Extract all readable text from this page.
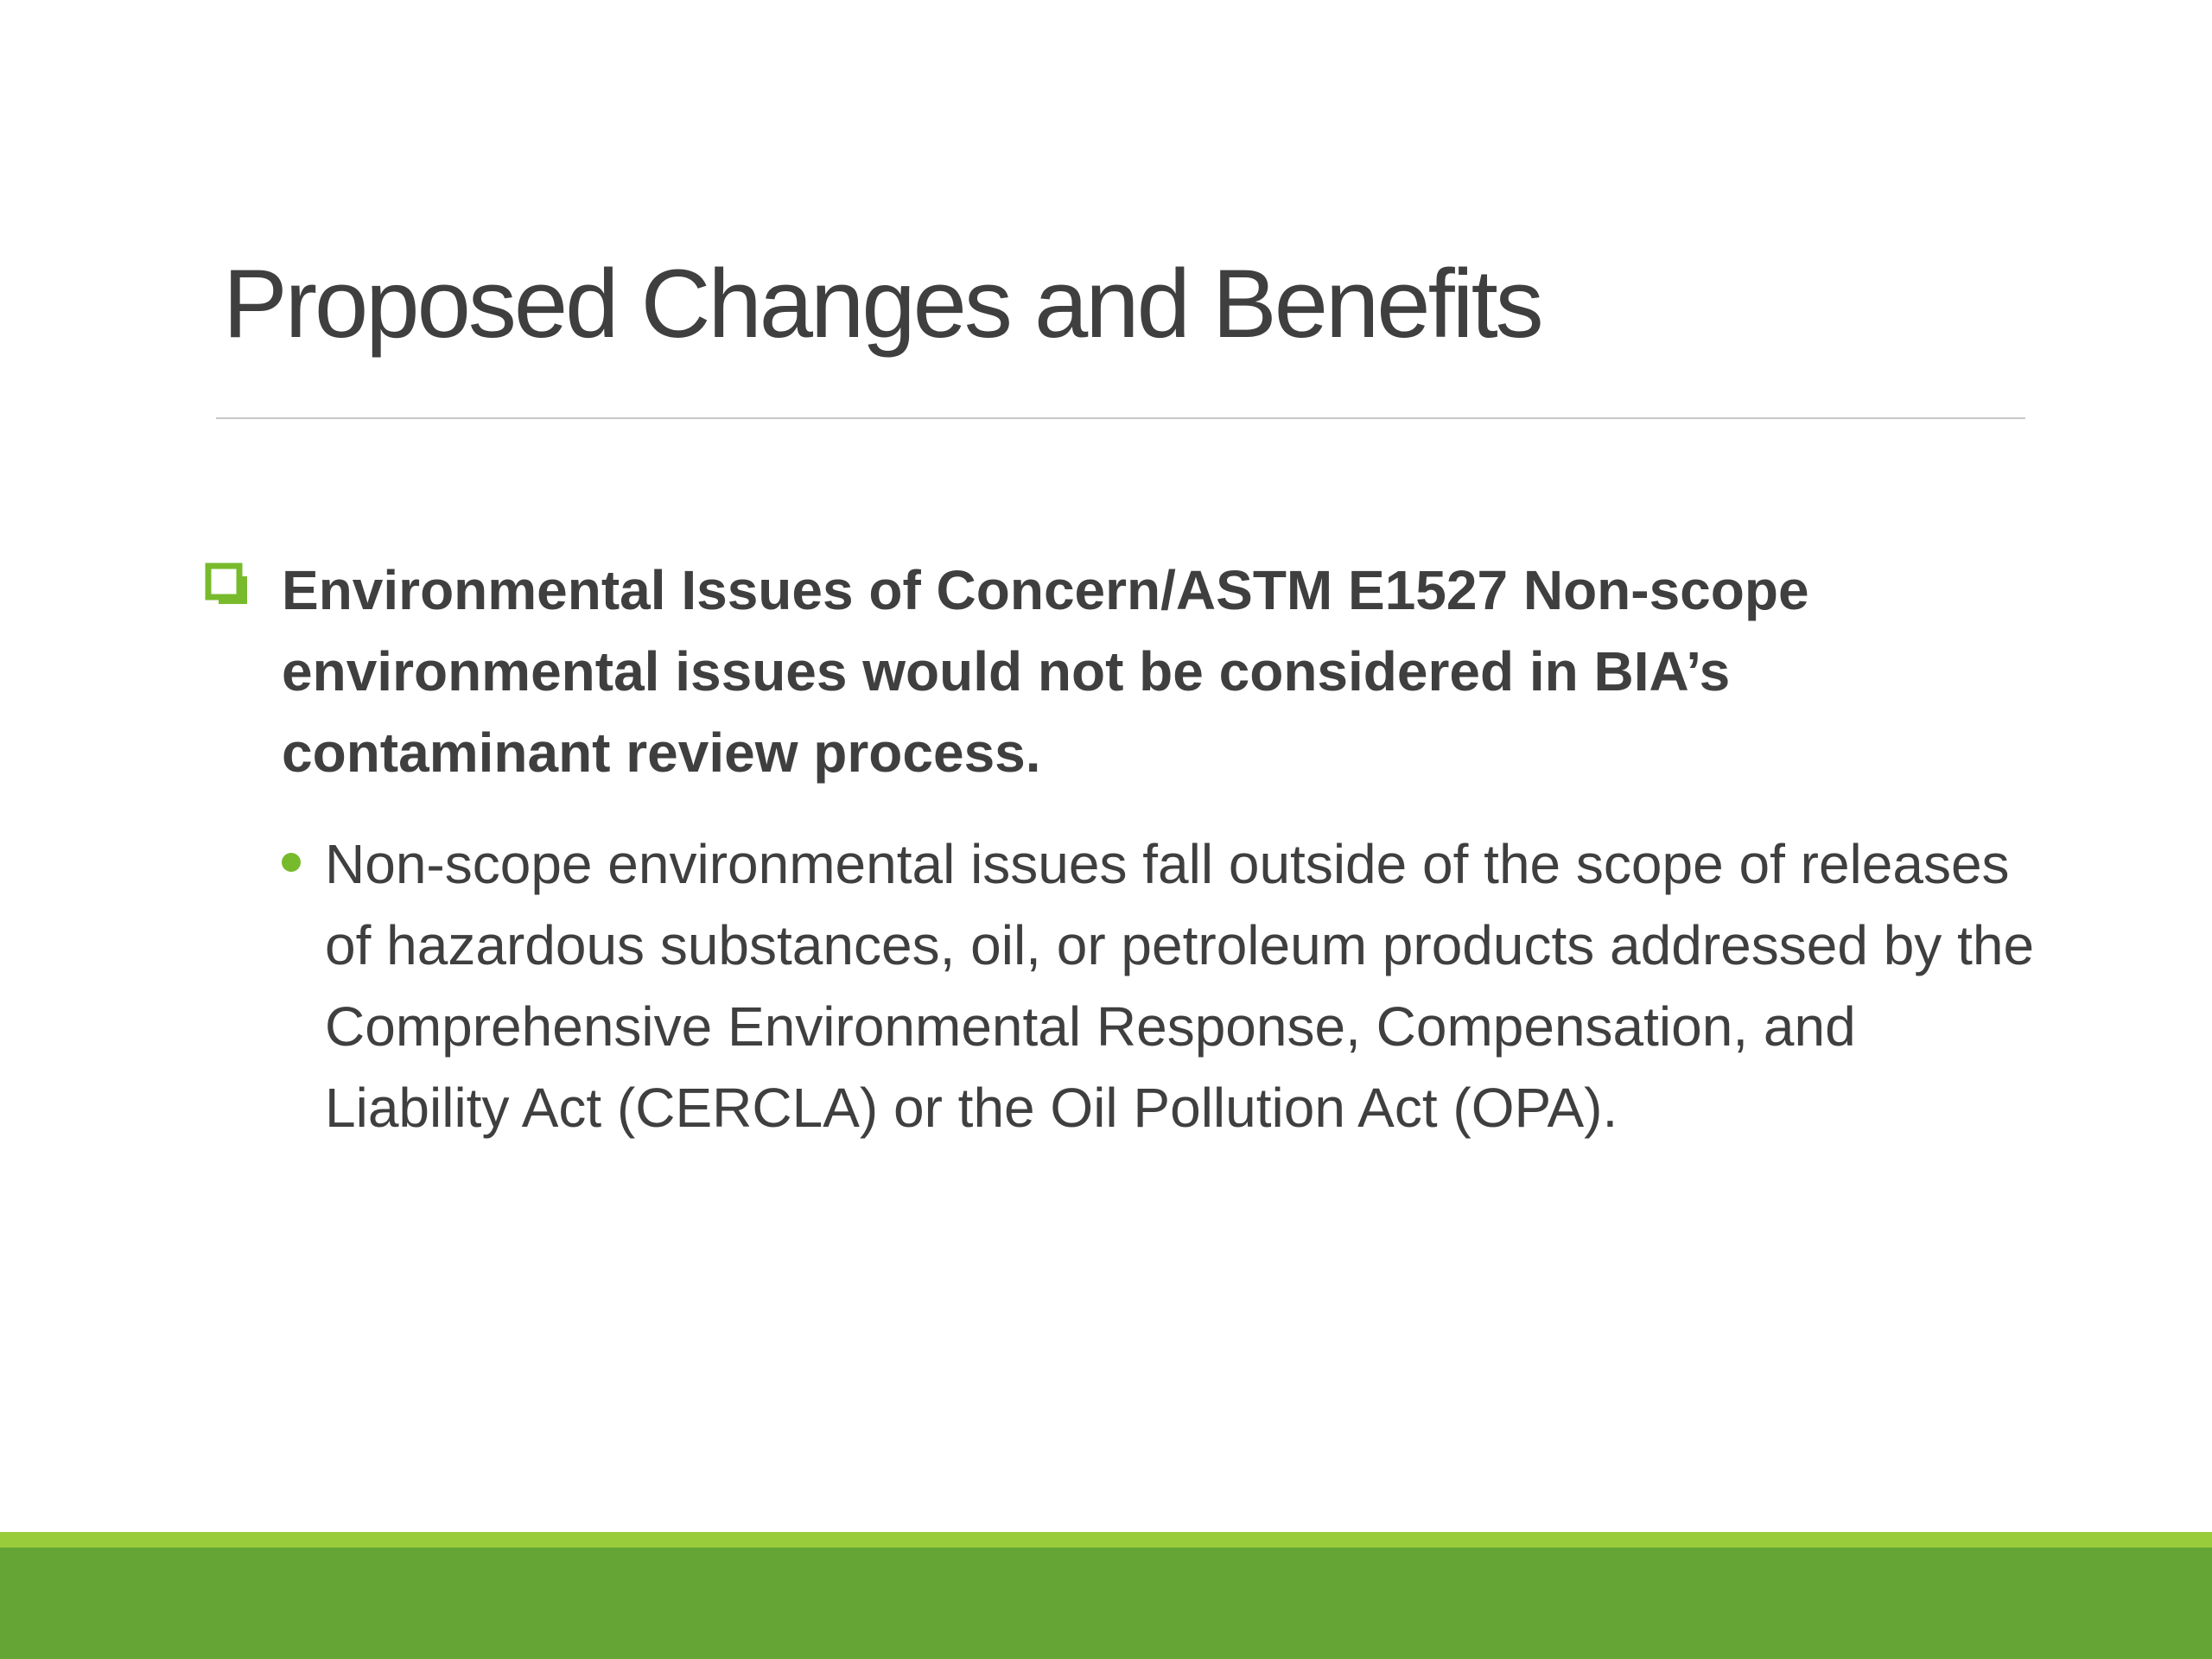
Proposed Changes and Benefits
Environmental Issues of Concern/ASTM E1527 Non-scope environmental issues would not be considered in BIA’s contaminant review process.
Non-scope environmental issues fall outside of the scope of releases of hazardous substances, oil, or petroleum products addressed by the Comprehensive Environmental Response, Compensation, and Liability Act (CERCLA) or the Oil Pollution Act (OPA).
